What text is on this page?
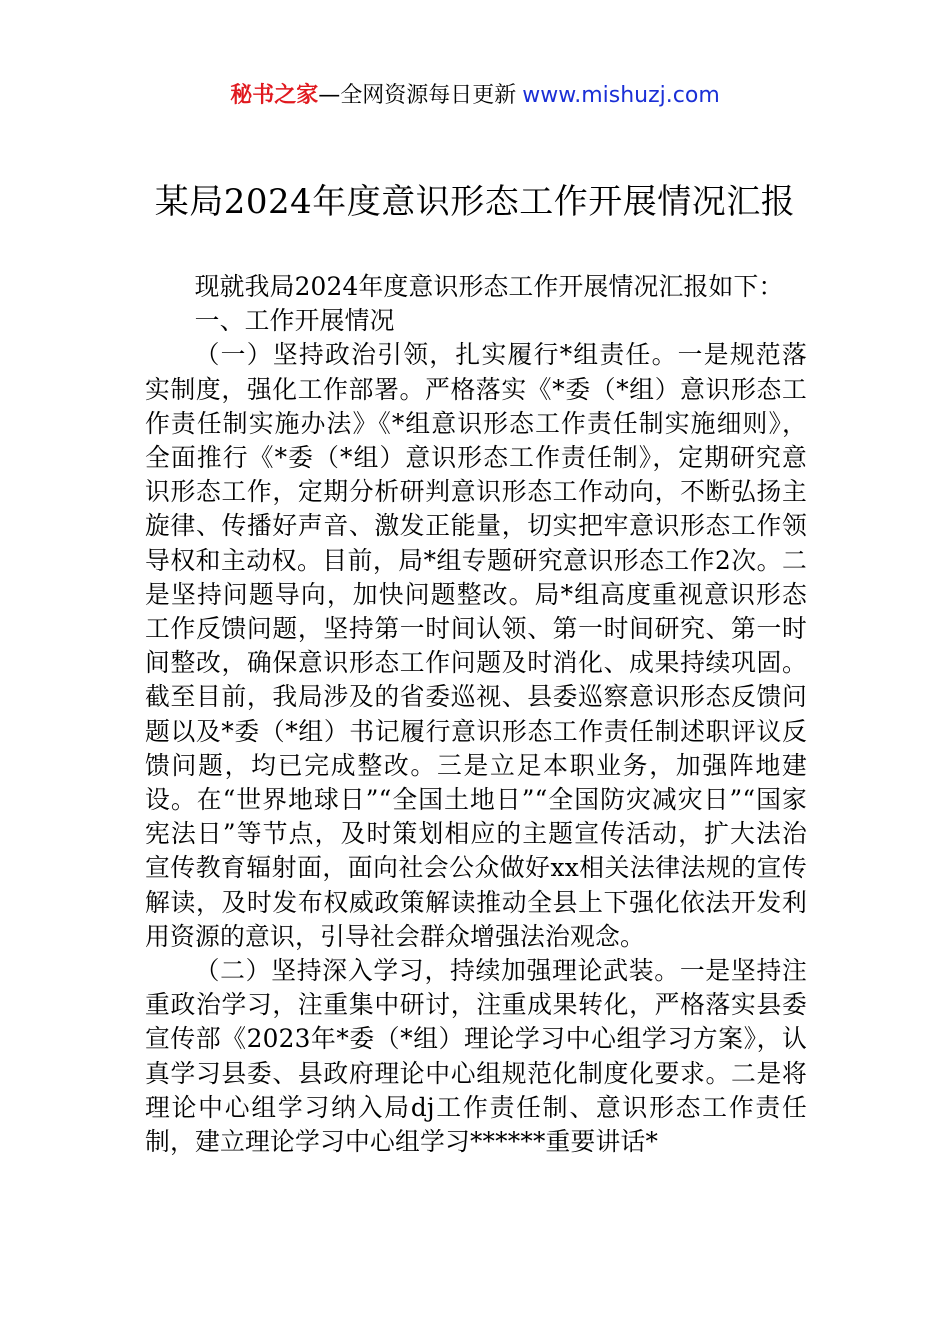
秘书之家—全网资源每日更新 www.mishuzj.com
某局2024年度意识形态工作开展情况汇报

现就我局2024年度意识形态工作开展情况汇报如下：

一、工作开展情况

（一）坚持政治引领，扎实履行*组责任。一是规范落实制度，强化工作部署。严格落实《*委（*组）意识形态工作责任制实施办法》《*组意识形态工作责任制实施细则》，全面推行《*委（*组）意识形态工作责任制》，定期研究意识形态工作，定期分析研判意识形态工作动向，不断弘扬主旋律、传播好声音、激发正能量，切实把牢意识形态工作领导权和主动权。目前，局*组专题研究意识形态工作2次。二是坚持问题导向，加快问题整改。局*组高度重视意识形态工作反馈问题，坚持第一时间认领、第一时间研究、第一时间整改，确保意识形态工作问题及时消化、成果持续巩固。截至目前，我局涉及的省委巡视、县委巡察意识形态反馈问题以及*委（*组）书记履行意识形态工作责任制述职评议反馈问题，均已完成整改。三是立足本职业务，加强阵地建设。在“世界地球日”“全国土地日”“全国防灾减灾日”“国家宪法日”等节点，及时策划相应的主题宣传活动，扩大法治宣传教育辐射面，面向社会公众做好xx相关法律法规的宣传解读，及时发布权威政策解读推动全县上下强化依法开发利用资源的意识，引导社会群众增强法治观念。

（二）坚持深入学习，持续加强理论武装。一是坚持注重政治学习，注重集中研讨，注重成果转化，严格落实县委宣传部《2023年*委（*组）理论学习中心组学习方案》，认真学习县委、县政府理论中心组规范化制度化要求。二是将理论中心组学习纳入局dj工作责任制、意识形态工作责任制，建立理论学习中心组学习******重要讲话*
